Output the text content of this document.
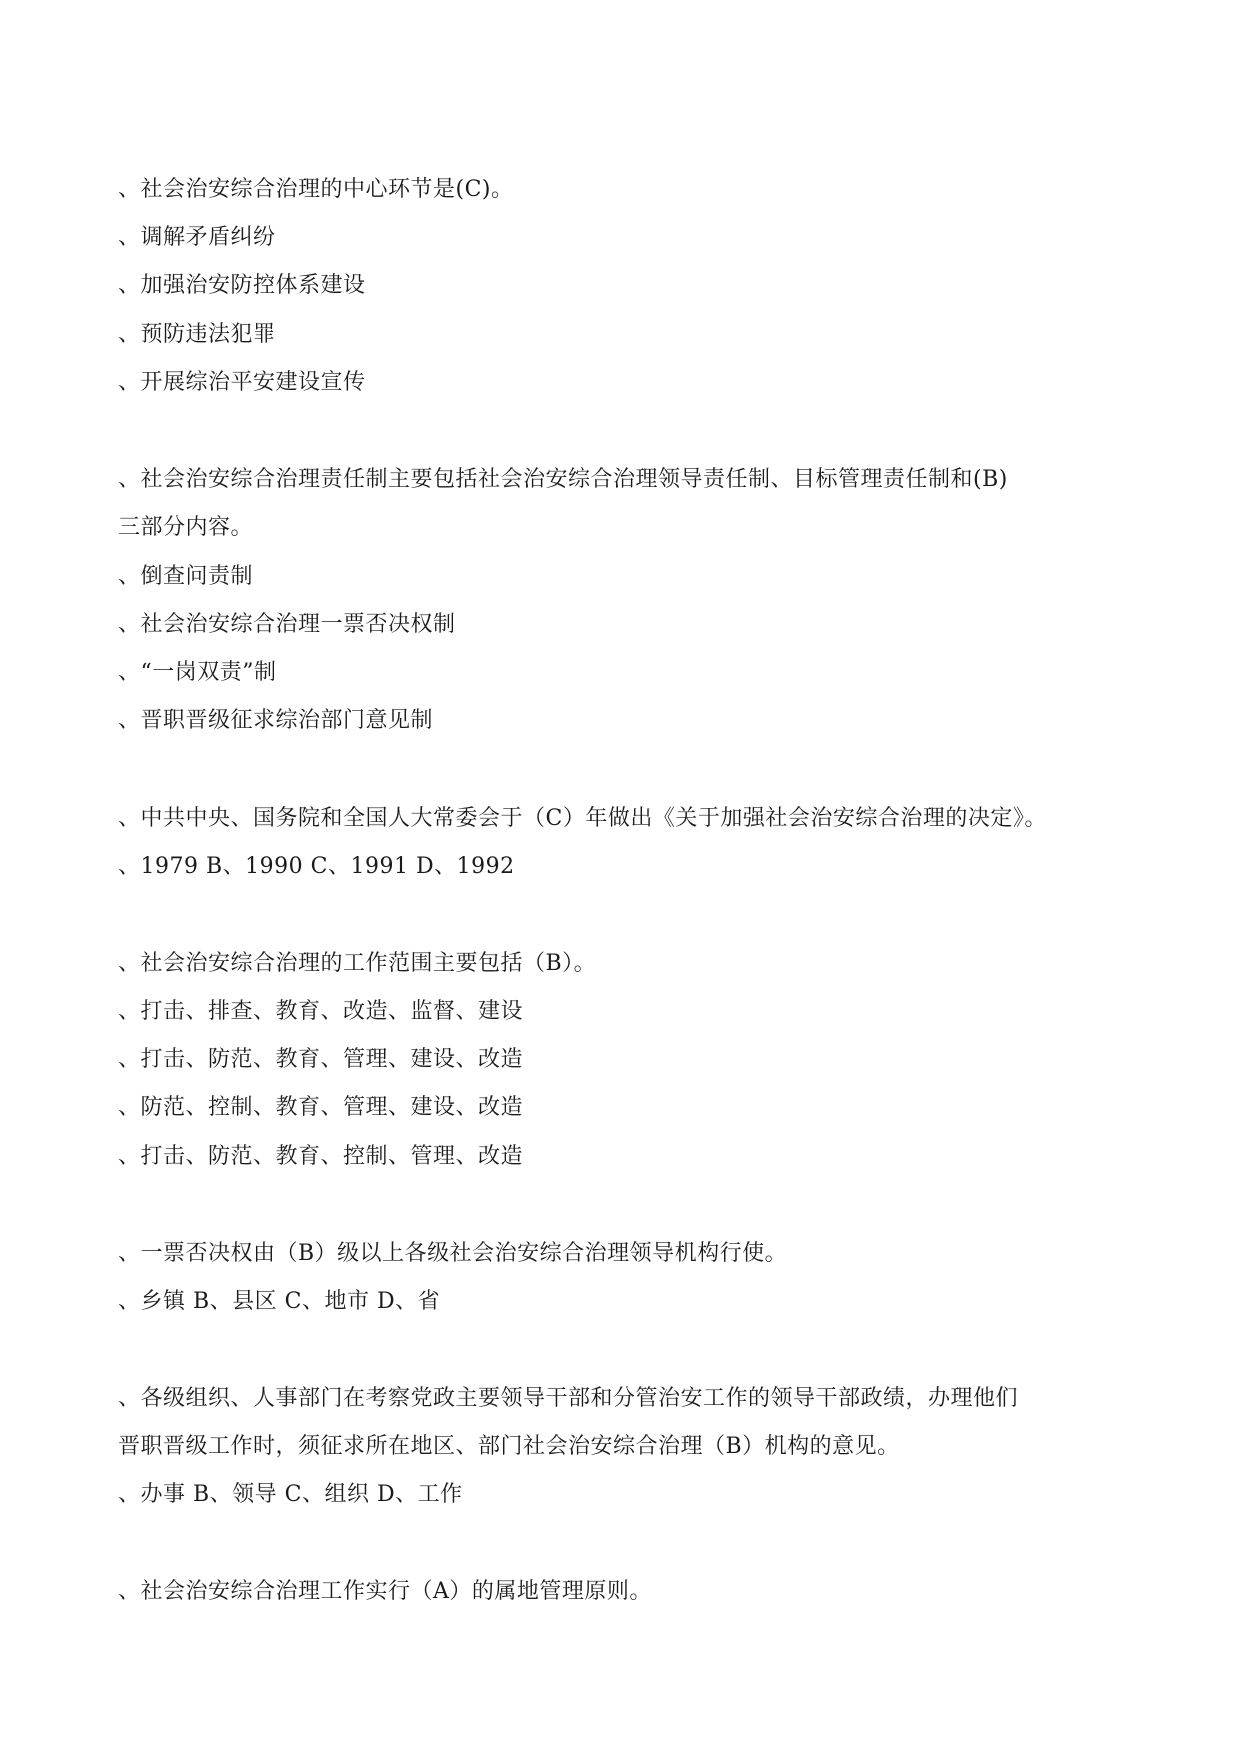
、社会治安综合治理的中心环节是(C)。
、调解矛盾纠纷
、加强治安防控体系建设
、预防违法犯罪
、开展综治平安建设宣传
、社会治安综合治理责任制主要包括社会治安综合治理领导责任制、目标管理责任制和(B)
三部分内容。
、倒查问责制
、社会治安综合治理一票否决权制
、“一岗双责”制
、晋职晋级征求综治部门意见制
、中共中央、国务院和全国人大常委会于（C）年做出《关于加强社会治安综合治理的决定》。
、1979 B、1990 C、1991 D、1992
、社会治安综合治理的工作范围主要包括（B）。
、打击、排查、教育、改造、监督、建设
、打击、防范、教育、管理、建设、改造
、防范、控制、教育、管理、建设、改造
、打击、防范、教育、控制、管理、改造
、一票否决权由（B）级以上各级社会治安综合治理领导机构行使。
、乡镇 B、县区 C、地市 D、省
、各级组织、人事部门在考察党政主要领导干部和分管治安工作的领导干部政绩，办理他们
晋职晋级工作时，须征求所在地区、部门社会治安综合治理（B）机构的意见。
、办事 B、领导 C、组织 D、工作
、社会治安综合治理工作实行（A）的属地管理原则。
